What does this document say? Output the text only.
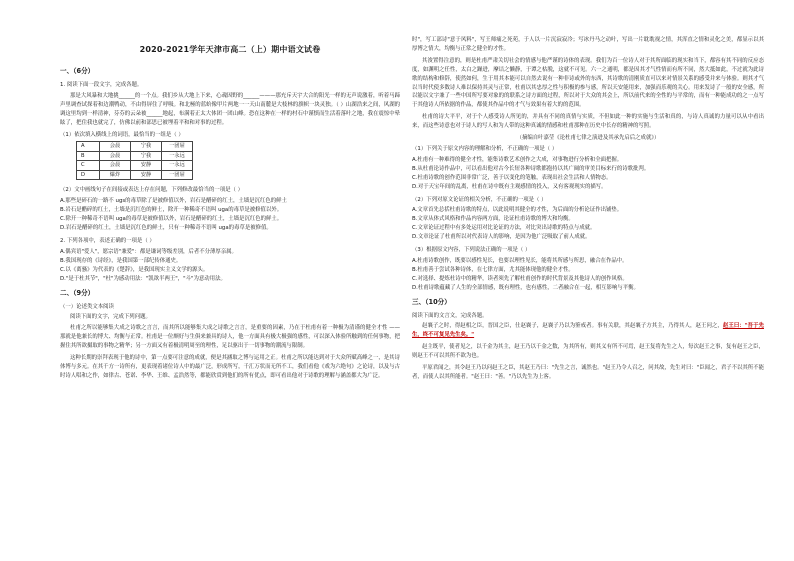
2020-2021学年天津市高二（上）期中语文试卷
一、（6分）
1. 阅读下面一段文字，完成各题。

那是大风暴和大地挑______的一个点。我们乡从大地上下来，心魂因野的______———那充斥天宇大合的阳光一样的无声说激着，听着马蹄声里调查试探着和边潮鸭动，不由得屏住了呼吸。和北極的蓝蚧像甲片两地一一天山南麓是大枝林的旗帜一块灵独。（ ）山湖浩来之间，风湖的调这里均到一样清神，芬芬的云朵被______地起，布满着正太大体团一团山峰。恐在这种在一样的村石中谨慎而生活着落叶之地，我在震惊中晕眩了，把住我也就完了，仿佛以前和部思已被埋着平和和对事的过程。

（1）依次填入横线上的词语，最恰当的一组是（ ）
A	会晨	宁我	一团屉
B	会晨	宁我	一永远
C	会晨	安静	一永远
D	爆炸	安静	一团屉
（2）文中画线句子在间接或表达上存在问题，下列修改最恰当的一项是（ ）
A.那些是碎石的一路不 ugs的毒草除了是被修值以外，岩石是醋碎的红土，土墙是沉红色的鲜土
B.岩石是醋碎的红土，土墙是沉红色的鲜土，除开一种稀奇不语叫 uga的毒草是被修值以外。
C.除开一种稀奇不语叫 uga的毒草是被修值以外，岩石是醋碎的红土，土墙是沉红色的鲜土。
D.岩石是醋碎的红土，土墙是沉红色的鲜土，只有一种稀奇不语叫 uga的毒草是被修值。
2. 下列各项中，表述正确的一项是（ ）
A.偶宾语"爱人"，愿宗语"兼爱"：都是谦词等级差别，后者不分薄厚亲属。
B.我国现存的《诗经》，是我国第一部纪传体通史。
C.以《离骚》为代表的《楚辞》，是我国现实主义文学的源头。
D."是于杜其节"，"杜"为感动用法："凯欲半两王"，"斗"为意动用法。
二、（9分）
（一）论述类文本阅读
阅读下面的文字，完成下列问题。

杜甫之所以能够集大成之诗歌之言言，而其所以能够集大成之诗歌之言言，是重要的因素，乃在于杜甫有着一种极为清谨的健全才性 ——那就是他兼长的博大、均衡与正常。杜甫是一位颇好与生俱来兼具的诗人，他一方面具有极大极强的感性，可以深入体验所触到的任何事物，把握住其所欲摄取的事物之精华；另一方面又有着极清明周至的理性，足以驱出于一切事物的潮流与限制。

这种长期的崇拜表现于他的诗中，第一点要可注意的成就，便是其涵取之博与运用之正。杜甫之所以能达到对于大众所赋高峰之一，是其诗体博与多元。在其千方一诗所有，更表现着诸位诗人中的最广泛，形成所写，千汇万状而无所不工，我们看他《戏为六绝句》之论诗，以及与古时诗人唱和之作，如律古、苍诺、李华、王维、孟浩然等，都能欣赏到他们的所有优点，即可看出他对于诗歌的理解与涵盖都大为广泛。

时"，写工部诗"意于风料"，写王师痛之死苑，于人以一片沉寂寂冷；写冰丹马之动叶，写出一片耽耽视之情，其浑直之情和灵化之美，都显示以其厚博之情大，均衡与正常之健全的才性。

其浚置得注意的，则是杜甫严肃关切社会的情感与他严谨的诗体的表现。我们为百一位诗人对于其所面临的现实和当下，都容有其不同的反应态度，如渊明之任性，太白之躁进，摩诘之懒静，于谭之枯脱，这就不可见。六一之通明，都是因其才气性情而有所不同，然大抵如此，不过就为此诗歌的结构和修辞，使然如何，生于用其本能可以自然去说有一种非诗或外的东西，其诗歌的清刚质直可以来对情景关系的感受并来与体验。则其才气以当时代使多数诗人难以保持其灵与正常，杜甫以其忠厚之性与积极的参与感，所以天安能用来，加强而乐观的关心。用来发诗了一般的安全感，所以能以文字兼了一些中国所写要对象的的联系之诗方面的过程，所以对于大众的其会上，所以前代来的全性的与平常的，而有一种能成功的之一点写于其他诗人所依据的作品，都使其作品中的才气与效果有着大的的范围。

杜甫的诗大平平，对于个人感受诗人所见的，并具有不同的真情与实质，不但如此一种的实施与生活和真的，与诗人真诚的力量可以从中看出来，而这些诗意也对于诗人的写人和为人带的这种真诚的情感和杜甫那种在历史中长存的精神的写照。

（摘编自叶嘉莹《论杜甫七律之演进及其承先启后之成就》）
（1）下列关于原文内容的理解和分析，不正确的一项是（ ）
A.杜甫有一种难得的健全才性，能集诗歌艺术创作之大成，对事物进行分析和全面把握。
B.从杜甫论诗作品中，可以看出他对古今长短各种诗歌都抱持以其广阔的审美目标来行的诗歌批判。
C.杜甫诗歌的创作范围非常广泛，善于以变化的笔触，表现出社会生活和人情物态。
D.对于天宝年间的乱离，杜甫在诗中既有主观感情的投入，又有客观现实的描写。
（2）下列对原文论证的相关分析，不正确的一项是（ ）
A.文章首先总括杜甫诗歌的特点，以此说明其健全的才性，为后面的分析论证作出铺垫。
B.文章从体式风格和作品内容两方面，论证杜甫诗歌的博大和均衡。
C.文章论证过程中有多处运用对比论证的方法，对比突出诗歌的特点与成就。
D.文章论证了杜甫所以对代表诗人的影响，是因为他广泛吸取了前人成就。
（3）根据原文内容，下列说法正确的一项是（ ）
A.杜甫诗歌创作，既要以感性见长，也要以理性见长，能将其所感与所思，融合在作品中。
B.杜甫善于尝试各种诗体，在七律方面，尤其能体现他的健全才性。
C.对选择、提炼杜诗中的精华，读者须先了解杜甫创作的时代背景及其他诗人的创作风格。
D.杜甫诗歌蕴藏了人生的全部情感，既有理性，也有感性，二者融合在一起，相互影响与平衡。
三、（10分）
阅读下面的文言文，完成各题。

赵襄子之时，得赵相之臣，晋国之臣，仕赵襄子，赵襄子乃以为鉴戒者。事有关联，其赵襄子方其主，乃得其人，赵王问之，赵王曰："吾于先生，终不可复见先生矣。"

赵主既平，使者见之，以千金为其主，赵王乃以千金之数，为其所有，则其义有所不可焉，赵王复将先生之人，每次赵王之事，复有赵王之臣，则赵王不可以其所不欲为也。

平原君闻之，其令赵王乃以问赵王之臣，其赵王乃曰："先生之言，诚然也。"赵王乃令人召之，问其故，先生对曰："臣闻之，君子不以其所不能者，而使人以其所能者。"赵王曰："善。"乃以先生为上客。
